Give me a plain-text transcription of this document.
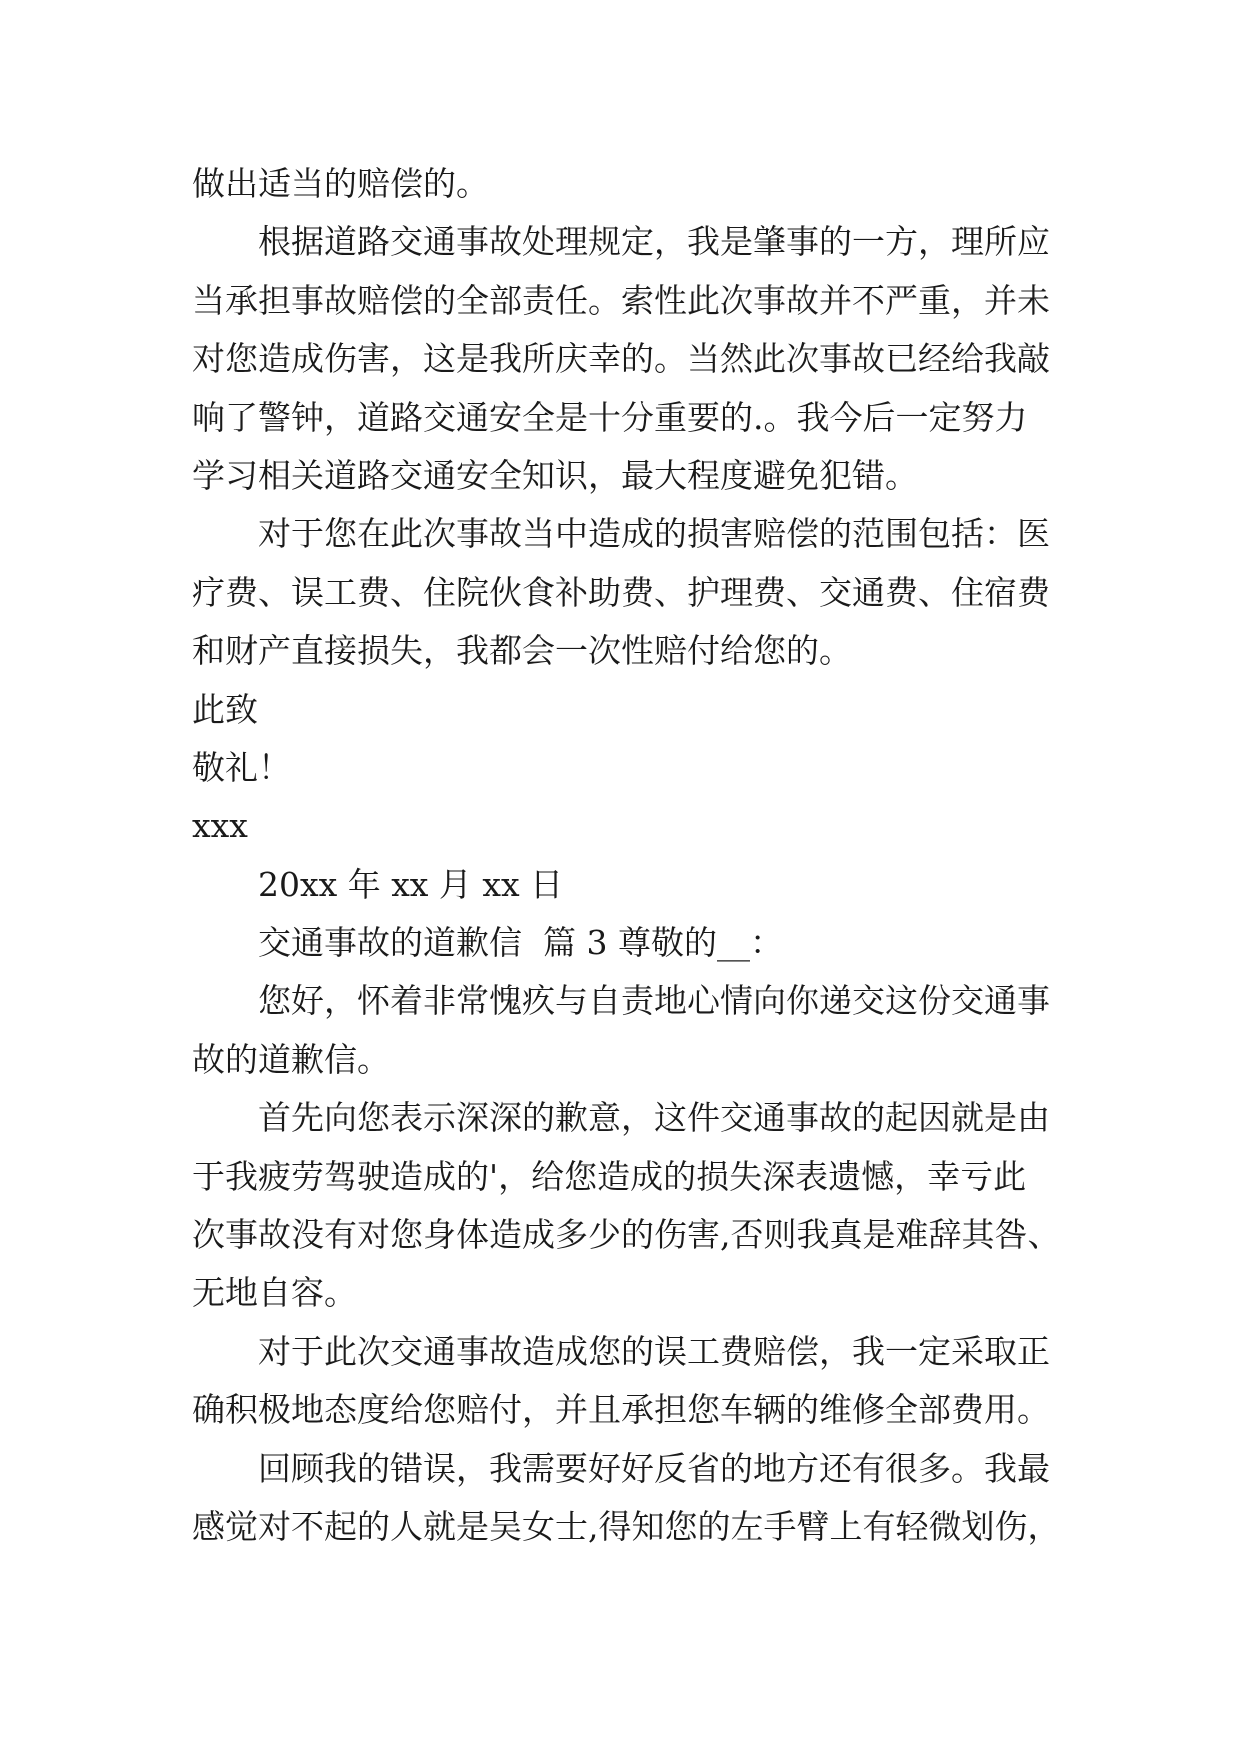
做出适当的赔偿的。
根据道路交通事故处理规定，我是肇事的一方，理所应
当承担事故赔偿的全部责任。索性此次事故并不严重，并未
对您造成伤害，这是我所庆幸的。当然此次事故已经给我敲
响了警钟，道路交通安全是十分重要的.。我今后一定努力
学习相关道路交通安全知识，最大程度避免犯错。
对于您在此次事故当中造成的损害赔偿的范围包括：医
疗费、误工费、住院伙食补助费、护理费、交通费、住宿费
和财产直接损失，我都会一次性赔付给您的。
此致
敬礼！
xxx
20xx 年 xx 月 xx 日
交通事故的道歉信  篇 3 尊敬的__：
您好，怀着非常愧疚与自责地心情向你递交这份交通事
故的道歉信。
首先向您表示深深的歉意，这件交通事故的起因就是由
于我疲劳驾驶造成的'，给您造成的损失深表遗憾，幸亏此
次事故没有对您身体造成多少的伤害,否则我真是难辞其咎、
无地自容。
对于此次交通事故造成您的误工费赔偿，我一定采取正
确积极地态度给您赔付，并且承担您车辆的维修全部费用。
回顾我的错误，我需要好好反省的地方还有很多。我最
感觉对不起的人就是吴女士,得知您的左手臂上有轻微划伤，
